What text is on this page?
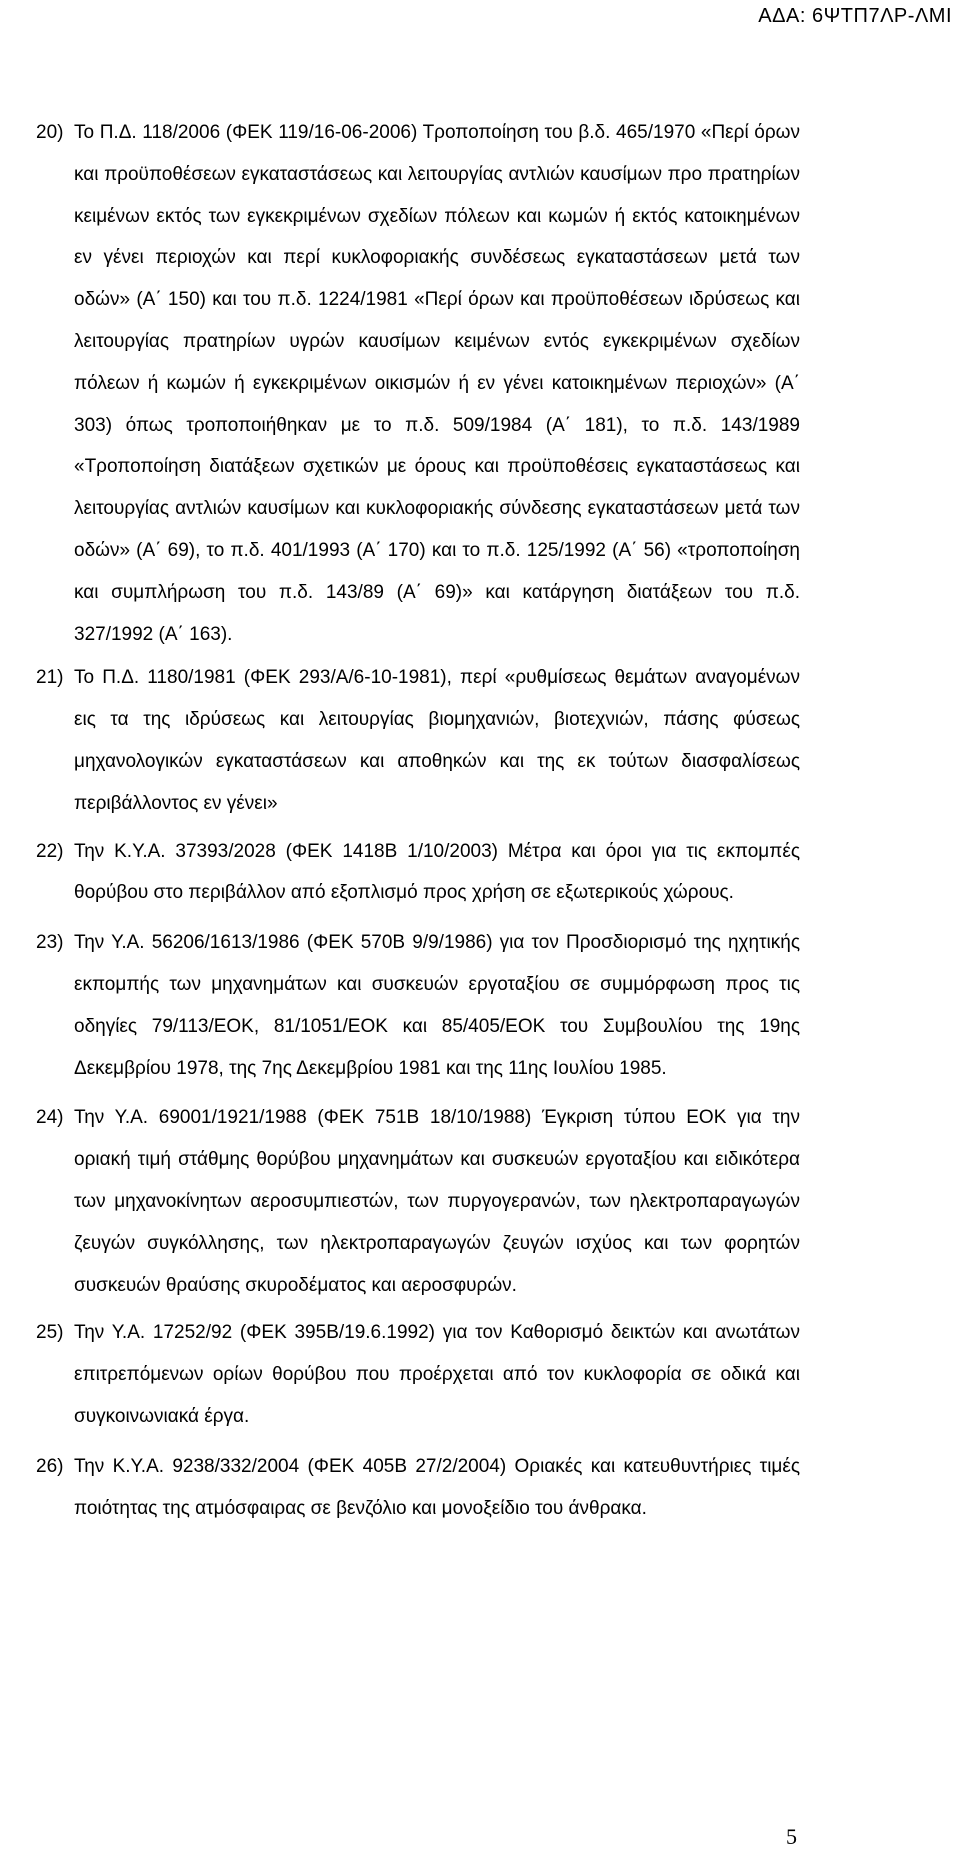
ΑΔΑ: 6ΨΤΠ7ΛΡ-ΛΜΙ
20) Το Π.Δ. 118/2006 (ΦΕΚ 119/16-06-2006) Τροποποίηση του β.δ. 465/1970 «Περί όρων και προϋποθέσεων εγκαταστάσεως και λειτουργίας αντλιών καυσίμων προ πρατηρίων κειμένων εκτός των εγκεκριμένων σχεδίων πόλεων και κωμών ή εκτός κατοικημένων εν γένει περιοχών και περί κυκλοφοριακής συνδέσεως εγκαταστάσεων μετά των οδών» (Α΄ 150) και του π.δ. 1224/1981 «Περί όρων και προϋποθέσεων ιδρύσεως και λειτουργίας πρατηρίων υγρών καυσίμων κειμένων εντός εγκεκριμένων σχεδίων πόλεων ή κωμών ή εγκεκριμένων οικισμών ή εν γένει κατοικημένων περιοχών» (Α΄ 303) όπως τροποποιήθηκαν με το π.δ. 509/1984 (Α΄ 181), το π.δ. 143/1989 «Τροποποίηση διατάξεων σχετικών με όρους και προϋποθέσεις εγκαταστάσεως και λειτουργίας αντλιών καυσίμων και κυκλοφοριακής σύνδεσης εγκαταστάσεων μετά των οδών» (Α΄ 69), το π.δ. 401/1993 (Α΄ 170) και το π.δ. 125/1992 (Α΄ 56) «τροποποίηση και συμπλήρωση του π.δ. 143/89 (Α΄ 69)» και κατάργηση διατάξεων του π.δ. 327/1992 (Α΄ 163).
21) Το Π.Δ. 1180/1981 (ΦΕΚ 293/Α/6-10-1981), περί «ρυθμίσεως θεμάτων αναγομένων εις τα της ιδρύσεως και λειτουργίας βιομηχανιών, βιοτεχνιών, πάσης φύσεως μηχανολογικών εγκαταστάσεων και αποθηκών και της εκ τούτων διασφαλίσεως περιβάλλοντος εν γένει»
22) Την Κ.Υ.Α. 37393/2028 (ΦΕΚ 1418Β 1/10/2003) Μέτρα και όροι για τις εκπομπές θορύβου στο περιβάλλον από εξοπλισμό προς χρήση σε εξωτερικούς χώρους.
23) Την Υ.Α. 56206/1613/1986 (ΦΕΚ 570Β 9/9/1986) για τον Προσδιορισμό της ηχητικής εκπομπής των μηχανημάτων και συσκευών εργοταξίου σε συμμόρφωση προς τις οδηγίες 79/113/ΕΟΚ, 81/1051/ΕΟΚ και 85/405/ΕΟΚ του Συμβουλίου της 19ης Δεκεμβρίου 1978, της 7ης Δεκεμβρίου 1981 και της 11ης Ιουλίου 1985.
24) Την Υ.Α. 69001/1921/1988 (ΦΕΚ 751Β 18/10/1988) Έγκριση τύπου ΕΟΚ για την οριακή τιμή στάθμης θορύβου μηχανημάτων και συσκευών εργοταξίου και ειδικότερα των μηχανοκίνητων αεροσυμπιεστών, των πυργογερανών, των ηλεκτροπαραγωγών ζευγών συγκόλλησης, των ηλεκτροπαραγωγών ζευγών ισχύος και των φορητών συσκευών θραύσης σκυροδέματος και αεροσφυρών.
25) Την Υ.Α. 17252/92 (ΦΕΚ 395Β/19.6.1992) για τον Καθορισμό δεικτών και ανωτάτων επιτρεπόμενων ορίων θορύβου που προέρχεται από τον κυκλοφορία σε οδικά και συγκοινωνιακά έργα.
26) Την Κ.Υ.Α. 9238/332/2004 (ΦΕΚ 405Β 27/2/2004) Οριακές και κατευθυντήριες τιμές ποιότητας της ατμόσφαιρας σε βενζόλιο και μονοξείδιο του άνθρακα.
5
